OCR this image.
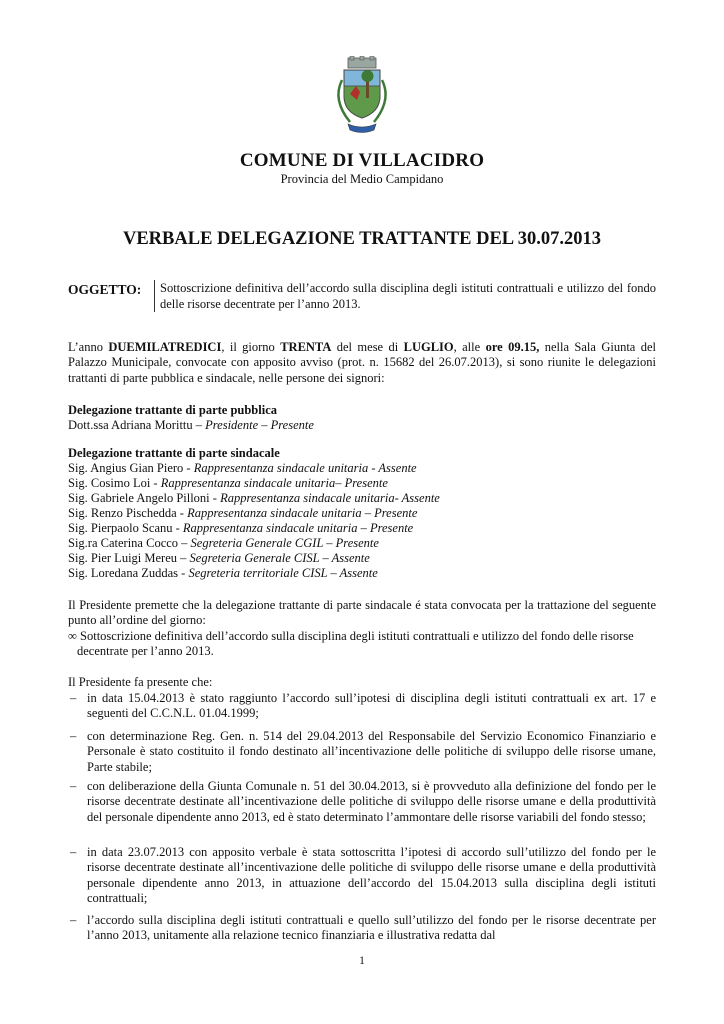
COMUNE DI VILLACIDRO
Provincia del Medio Campidano
VERBALE DELEGAZIONE TRATTANTE DEL 30.07.2013
OGGETTO: Sottoscrizione definitiva dell’accordo sulla disciplina degli istituti contrattuali e utilizzo del fondo delle risorse decentrate per l’anno 2013.
L’anno DUEMILATREDICI, il giorno TRENTA del mese di LUGLIO, alle ore 09.15, nella Sala Giunta del Palazzo Municipale, convocate con apposito avviso (prot. n. 15682 del 26.07.2013), si sono riunite le delegazioni trattanti di parte pubblica e sindacale, nelle persone dei signori:
Delegazione trattante di parte pubblica
Dott.ssa Adriana Morittu – Presidente – Presente
Delegazione trattante di parte sindacale
Sig. Angius Gian Piero - Rappresentanza sindacale unitaria - Assente
Sig. Cosimo Loi - Rappresentanza sindacale unitaria– Presente
Sig. Gabriele Angelo Pilloni - Rappresentanza sindacale unitaria- Assente
Sig. Renzo Pischedda - Rappresentanza sindacale unitaria – Presente
Sig. Pierpaolo Scanu - Rappresentanza sindacale unitaria – Presente
Sig.ra Caterina Cocco – Segreteria Generale CGIL – Presente
Sig. Pier Luigi Mereu – Segreteria Generale CISL – Assente
Sig. Loredana Zuddas - Segreteria territoriale CISL – Assente
Il Presidente premette che la delegazione trattante di parte sindacale é stata convocata per la trattazione del seguente punto all’ordine del giorno:
∞ Sottoscrizione definitiva dell’accordo sulla disciplina degli istituti contrattuali e utilizzo del fondo delle risorse
decentrate per l’anno 2013.
Il Presidente fa presente che:
– in data 15.04.2013 è stato raggiunto l’accordo sull’ipotesi di disciplina degli istituti contrattuali ex art. 17 e seguenti del C.C.N.L. 01.04.1999;
– con determinazione Reg. Gen. n. 514 del 29.04.2013 del Responsabile del Servizio Economico Finanziario e Personale è stato costituito il fondo destinato all’incentivazione delle politiche di sviluppo delle risorse umane, Parte stabile;
– con deliberazione della Giunta Comunale n. 51 del 30.04.2013, si è provveduto alla definizione del fondo per le risorse decentrate destinate all’incentivazione delle politiche di sviluppo delle risorse umane e della produttività del personale dipendente anno 2013, ed è stato determinato l’ammontare delle risorse variabili del fondo stesso;
– in data 23.07.2013 con apposito verbale è stata sottoscritta l’ipotesi di accordo sull’utilizzo del fondo per le risorse decentrate destinate all’incentivazione delle politiche di sviluppo delle risorse umane e della produttività personale dipendente anno 2013, in attuazione dell’accordo del 15.04.2013 sulla disciplina degli istituti contrattuali;
– l’accordo sulla disciplina degli istituti contrattuali e quello sull’utilizzo del fondo per le risorse decentrate per l’anno 2013, unitamente alla relazione tecnico finanziaria e illustrativa redatta dal
1
